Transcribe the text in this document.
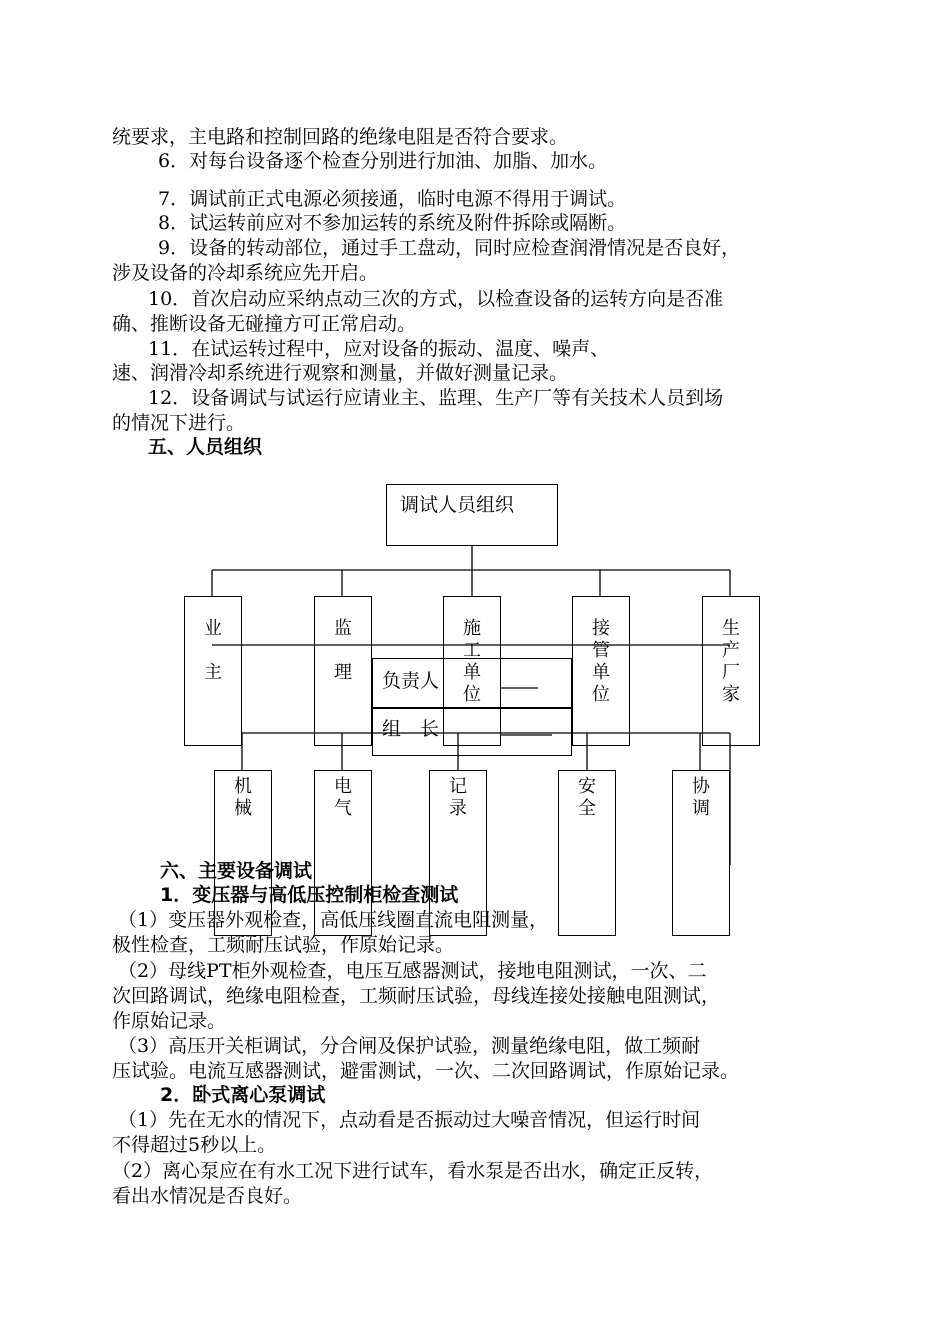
统要求，主电路和控制回路的绝缘电阻是否符合要求。
6．对每台设备逐个检查分别进行加油、加脂、加水。
7．调试前正式电源必须接通，临时电源不得用于调试。
8．试运转前应对不参加运转的系统及附件拆除或隔断。
9．设备的转动部位，通过手工盘动，同时应检查润滑情况是否良好，
涉及设备的冷却系统应先开启。
10．首次启动应采纳点动三次的方式，以检查设备的运转方向是否准
确、推断设备无碰撞方可正常启动。
11．在试运转过程中，应对设备的振动、温度、噪声、
速、润滑冷却系统进行观察和测量，并做好测量记录。
12．设备调试与试运行应请业主、监理、生产厂等有关技术人员到场
的情况下进行。
五、人员组织
六、主要设备调试
1．变压器与高低压控制柜检查测试
（1）变压器外观检查，高低压线圈直流电阻测量，
极性检查，工频耐压试验，作原始记录。
（2）母线PT柜外观检查，电压互感器测试，接地电阻测试，一次、二
次回路调试，绝缘电阻检查，工频耐压试验，母线连接处接触电阻测试，
作原始记录。
（3）高压开关柜调试，分合闸及保护试验，测量绝缘电阻，做工频耐
压试验。电流互感器测试，避雷测试，一次、二次回路调试，作原始记录。
2．卧式离心泵调试
（1）先在无水的情况下，点动看是否振动过大噪音情况，但运行时间
不得超过5秒以上。
（2）离心泵应在有水工况下进行试车，看水泵是否出水，确定正反转，
看出水情况是否良好。
调试人员组织
业

主
监

理
施
工
单
位
接
管
单
位
生
产
厂
家
负责人
组　长
机
械
电
气
记
录
安
全
协
调
